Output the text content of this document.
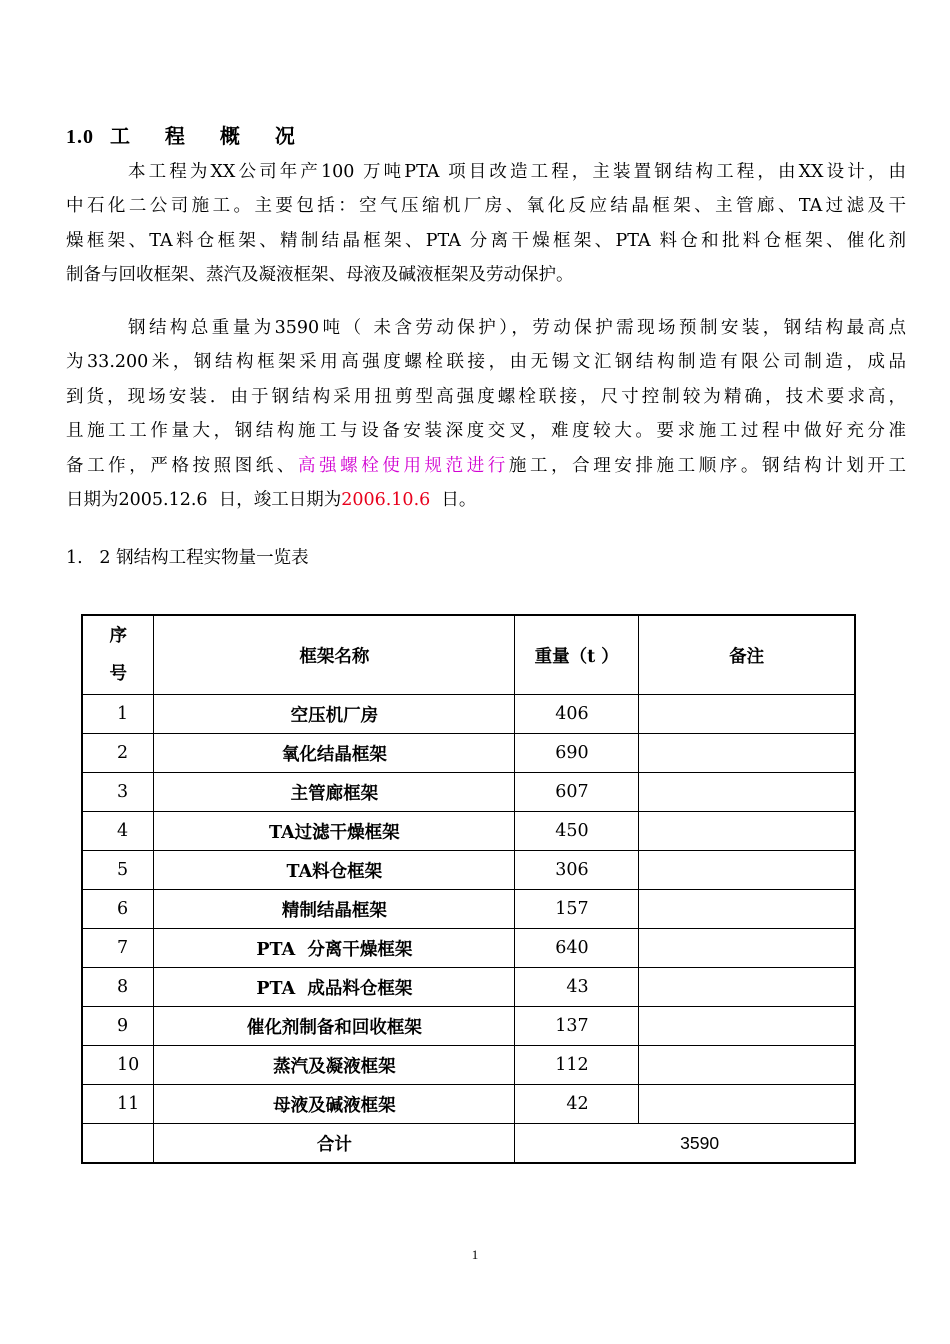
1.0 工 程 概 况
本工程为XX公司年产100 万吨PTA 项目改造工程，主装置钢结构工程，由XX设计，由
中石化二公司施工。主要包括：空气压缩机厂房、氧化反应结晶框架、主管廊、TA过滤及干
燥框架、TA料仓框架、精制结晶框架、PTA 分离干燥框架、PTA 料仓和批料仓框架、催化剂
制备与回收框架、蒸汽及凝液框架、母液及碱液框架及劳动保护。
钢结构总重量为3590吨（ 未含劳动保护），劳动保护需现场预制安装，钢结构最高点
为33.200米，钢结构框架采用高强度螺栓联接，由无锡文汇钢结构制造有限公司制造，成品
到货，现场安装．由于钢结构采用扭剪型高强度螺栓联接，尺寸控制较为精确，技术要求高，
且施工工作量大，钢结构施工与设备安装深度交叉，难度较大。要求施工过程中做好充分准
备工作，严格按照图纸、高强螺栓使用规范进行施工，合理安排施工顺序。钢结构计划开工
日期为2005.12.6  日，竣工日期为2006.10.6  日。
1.   2 钢结构工程实物量一览表
序
号	框架名称	重量（t ）	备注
1	空压机厂房	406	
2	氧化结晶框架	690	
3	主管廊框架	607	
4	TA过滤干燥框架	450	
5	TA料仓框架	306	
6	精制结晶框架	157	
7	PTA  分离干燥框架	640	
8	PTA  成品料仓框架	43	
9	催化剂制备和回收框架	137	
10	蒸汽及凝液框架	112	
11	母液及碱液框架	42	
	合计	3590	
1
